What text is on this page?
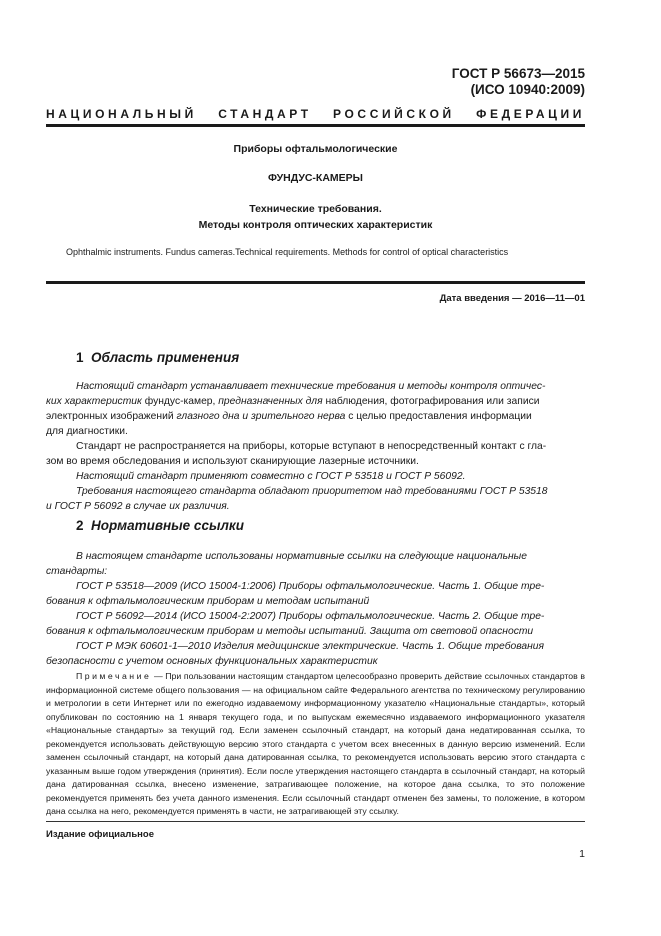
ГОСТ Р 56673—2015
(ИСО 10940:2009)
НАЦИОНАЛЬНЫЙ СТАНДАРТ РОССИЙСКОЙ ФЕДЕРАЦИИ
Приборы офтальмологические
ФУНДУС-КАМЕРЫ
Технические требования.
Методы контроля оптических характеристик
Ophthalmic instruments. Fundus cameras.Technical requirements. Methods for control of optical characteristics
Дата введения — 2016—11—01
1 Область применения
Настоящий стандарт устанавливает технические требования и методы контроля оптичес-
ких характеристик фундус-камер, предназначенных для наблюдения, фотографирования или записи
электронных изображений глазного дна и зрительного нерва с целью предоставления информации
для диагностики.
Стандарт не распространяется на приборы, которые вступают в непосредственный контакт с гла-
зом во время обследования и используют сканирующие лазерные источники.
Настоящий стандарт применяют совместно с ГОСТ Р 53518 и ГОСТ Р 56092.
Требования настоящего стандарта обладают приоритетом над требованиями ГОСТ Р 53518
и ГОСТ Р 56092 в случае их различия.
2 Нормативные ссылки
В настоящем стандарте использованы нормативные ссылки на следующие национальные
стандарты:
ГОСТ Р 53518—2009 (ИСО 15004-1:2006) Приборы офтальмологические. Часть 1. Общие тре-
бования к офтальмологическим приборам и методам испытаний
ГОСТ Р 56092—2014 (ИСО 15004-2:2007) Приборы офтальмологические. Часть 2. Общие тре-
бования к офтальмологическим приборам и методы испытаний. Защита от световой опасности
ГОСТ Р МЭК 60601-1—2010 Изделия медицинские электрические. Часть 1. Общие требования
безопасности с учетом основных функциональных характеристик
Примечание — При пользовании настоящим стандартом целесообразно проверить действие ссылочных стандартов в информационной системе общего пользования — на официальном сайте Федерального агентства по техническому регулированию и метрологии в сети Интернет или по ежегодно издаваемому информационному указателю «Национальные стандарты», который опубликован по состоянию на 1 января текущего года, и по выпускам ежемесячно издаваемого информационного указателя «Национальные стандарты» за текущий год. Если заменен ссылочный стандарт, на который дана недатированная ссылка, то рекомендуется использовать действующую версию этого стандарта с учетом всех внесенных в данную версию изменений. Если заменен ссылочный стандарт, на который дана датированная ссылка, то рекомендуется использовать версию этого стандарта с указанным выше годом утверждения (принятия). Если после утверждения настоящего стандарта в ссылочный стандарт, на который дана датированная ссылка, внесено изменение, затрагивающее положение, на которое дана ссылка, то это положение рекомендуется применять без учета данного изменения. Если ссылочный стандарт отменен без замены, то положение, в котором дана ссылка на него, рекомендуется применять в части, не затрагивающей эту ссылку.
Издание официальное
1
